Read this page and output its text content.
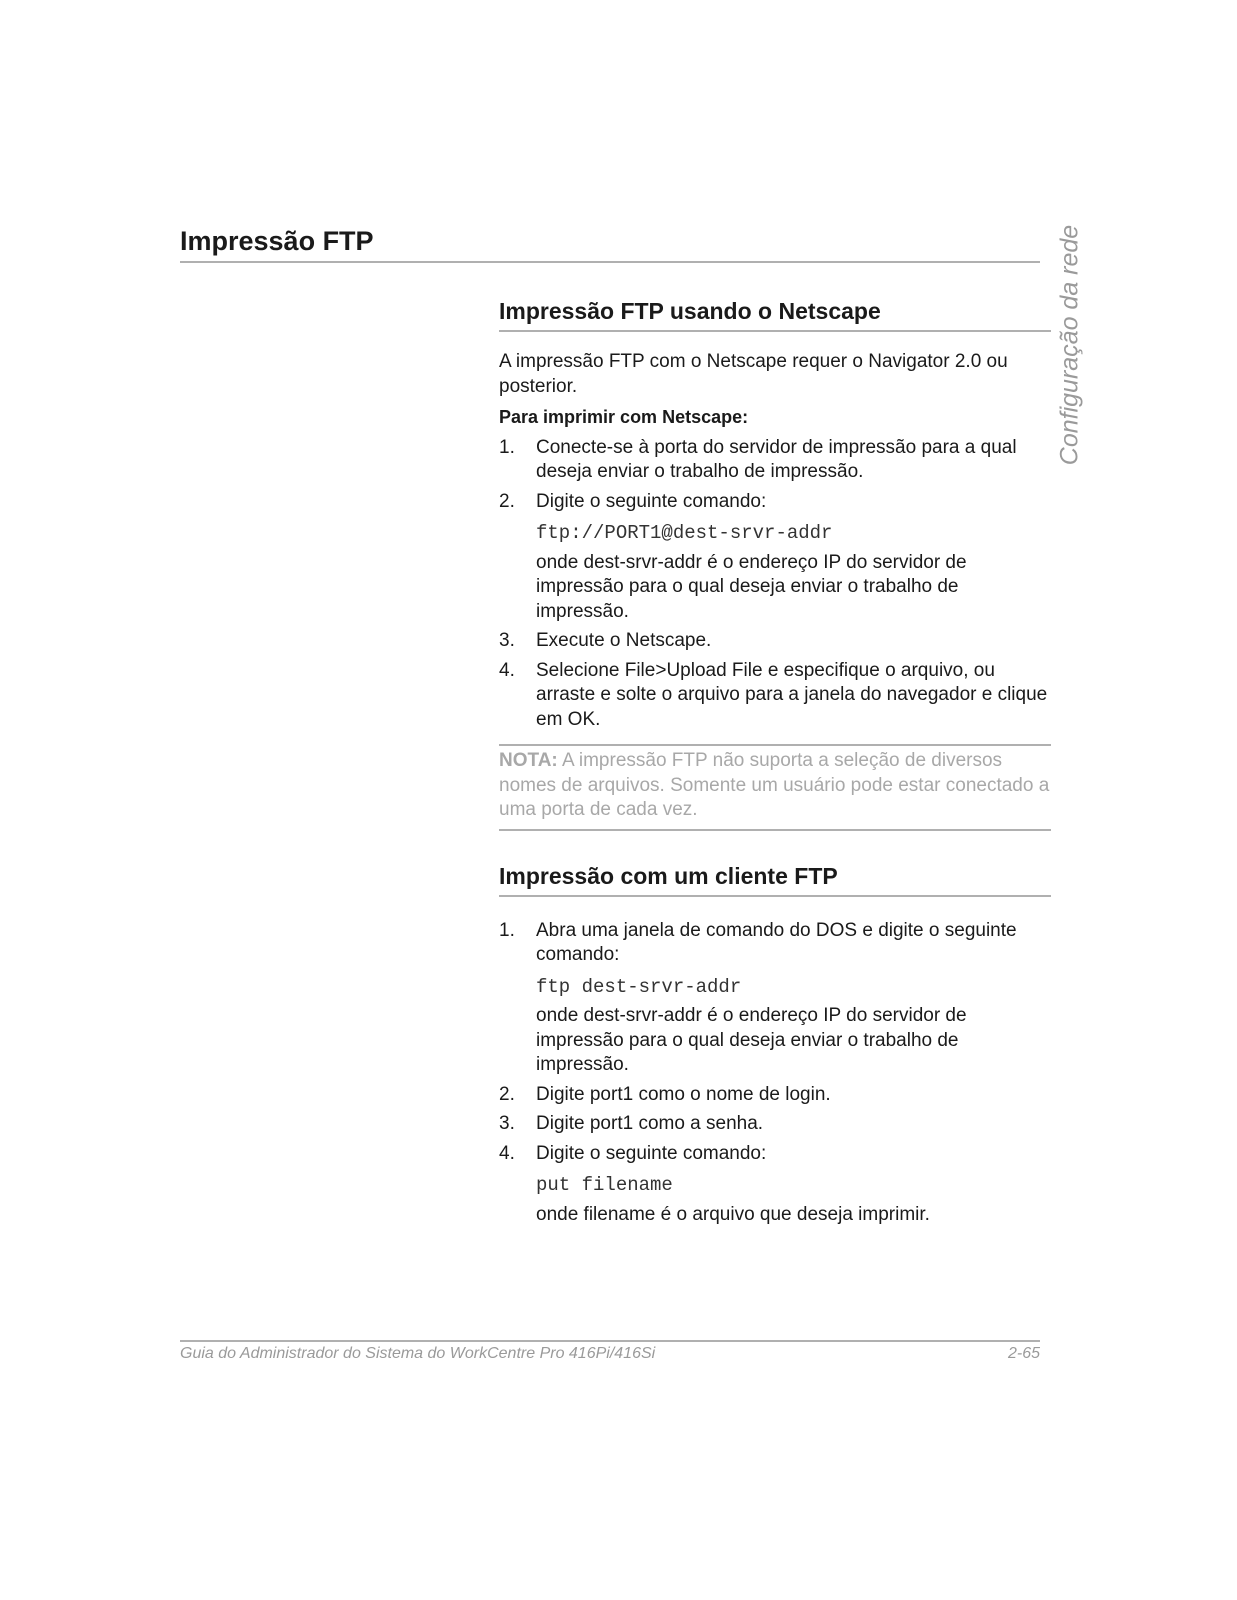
Impressão FTP	Configuração da rede
Impressão FTP usando o Netscape

A impressão FTP com o Netscape requer o Navigator 2.0 ou posterior.

Para imprimir com Netscape:

1. Conecte-se à porta do servidor de impressão para a qual deseja enviar o trabalho de impressão.
2. Digite o seguinte comando:
ftp://PORT1@dest-srvr-addr
onde dest-srvr-addr é o endereço IP do servidor de impressão para o qual deseja enviar o trabalho de impressão.
3. Execute o Netscape.
4. Selecione File>Upload File e especifique o arquivo, ou arraste e solte o arquivo para a janela do navegador e clique em OK.
NOTA: A impressão FTP não suporta a seleção de diversos nomes de arquivos. Somente um usuário pode estar conectado a uma porta de cada vez.
Impressão com um cliente FTP
1. Abra uma janela de comando do DOS e digite o seguinte comando:
ftp dest-srvr-addr
onde dest-srvr-addr é o endereço IP do servidor de impressão para o qual deseja enviar o trabalho de impressão.
2. Digite port1 como o nome de login.
3. Digite port1 como a senha.
4. Digite o seguinte comando:
put filename
onde filename é o arquivo que deseja imprimir.
Guia do Administrador do Sistema do WorkCentre Pro 416Pi/416Si	2-65
